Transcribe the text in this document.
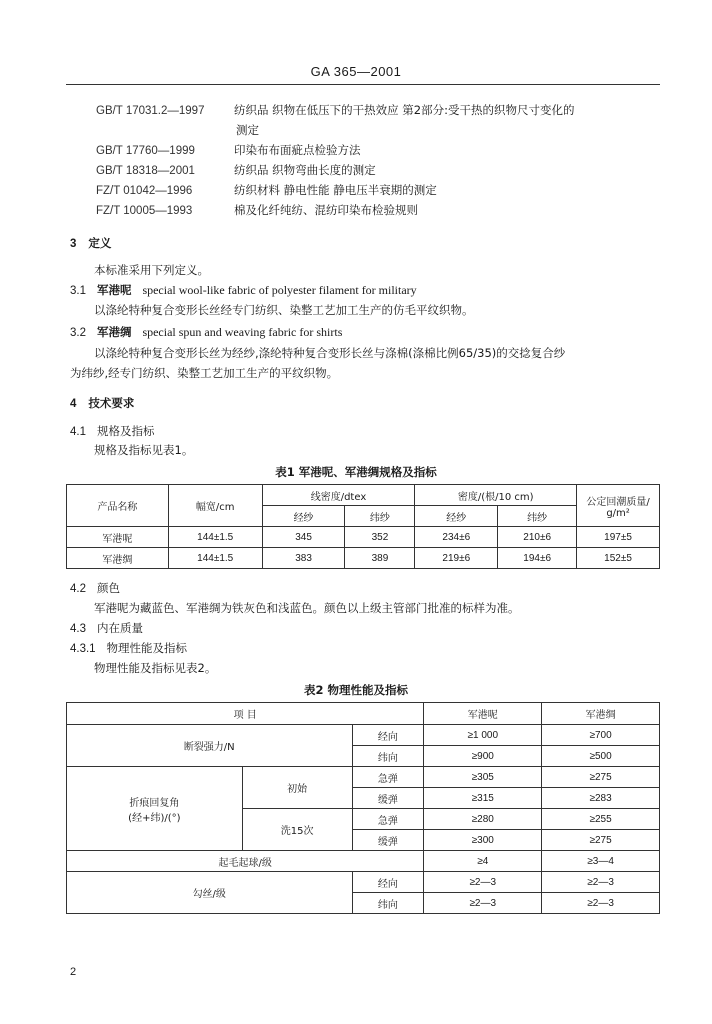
GA 365—2001
GB/T 17031.2—1997	纺织品 织物在低压下的干热效应 第2部分:受干热的织物尺寸变化的
测定
GB/T 17760—1999	印染布布面疵点检验方法
GB/T 18318—2001	纺织品 织物弯曲长度的测定
FZ/T 01042—1996	纺织材料 静电性能 静电压半衰期的测定
FZ/T 10005—1993	棉及化纤纯纺、混纺印染布检验规则
3 定义
本标准采用下列定义。
3.1 军港呢 special wool-like fabric of polyester filament for military
以涤纶特种复合变形长丝经专门纺织、染整工艺加工生产的仿毛平纹织物。
3.2 军港绸 special spun and weaving fabric for shirts
以涤纶特种复合变形长丝为经纱,涤纶特种复合变形长丝与涤棉(涤棉比例65/35)的交捻复合纱
为纬纱,经专门纺织、染整工艺加工生产的平纹织物。
4 技术要求
4.1 规格及指标
规格及指标见表1。
表1 军港呢、军港绸规格及指标
产品名称	幅宽/cm	线密度/dtex		密度/(根/10 cm)		公定回潮质量/
g/m²
		经纱	纬纱	经纱	纬纱	
军港呢	144±1.5	345	352	234±6	210±6	197±5
军港绸	144±1.5	383	389	219±6	194±6	152±5
4.2 颜色
军港呢为藏蓝色、军港绸为铁灰色和浅蓝色。颜色以上级主管部门批准的标样为准。
4.3 内在质量
4.3.1 物理性能及指标
物理性能及指标见表2。
表2 物理性能及指标
项 目			军港呢	军港绸
断裂强力/N		经向	≥1 000	≥700
		纬向	≥900	≥500
折痕回复角
(经+纬)/(°)	初始	急弹	≥305	≥275
		缓弹	≥315	≥283
	洗15次	急弹	≥280	≥255
		缓弹	≥300	≥275
起毛起球/级			≥4	≥3—4
勾丝/级		经向	≥2—3	≥2—3
		纬向	≥2—3	≥2—3
2
